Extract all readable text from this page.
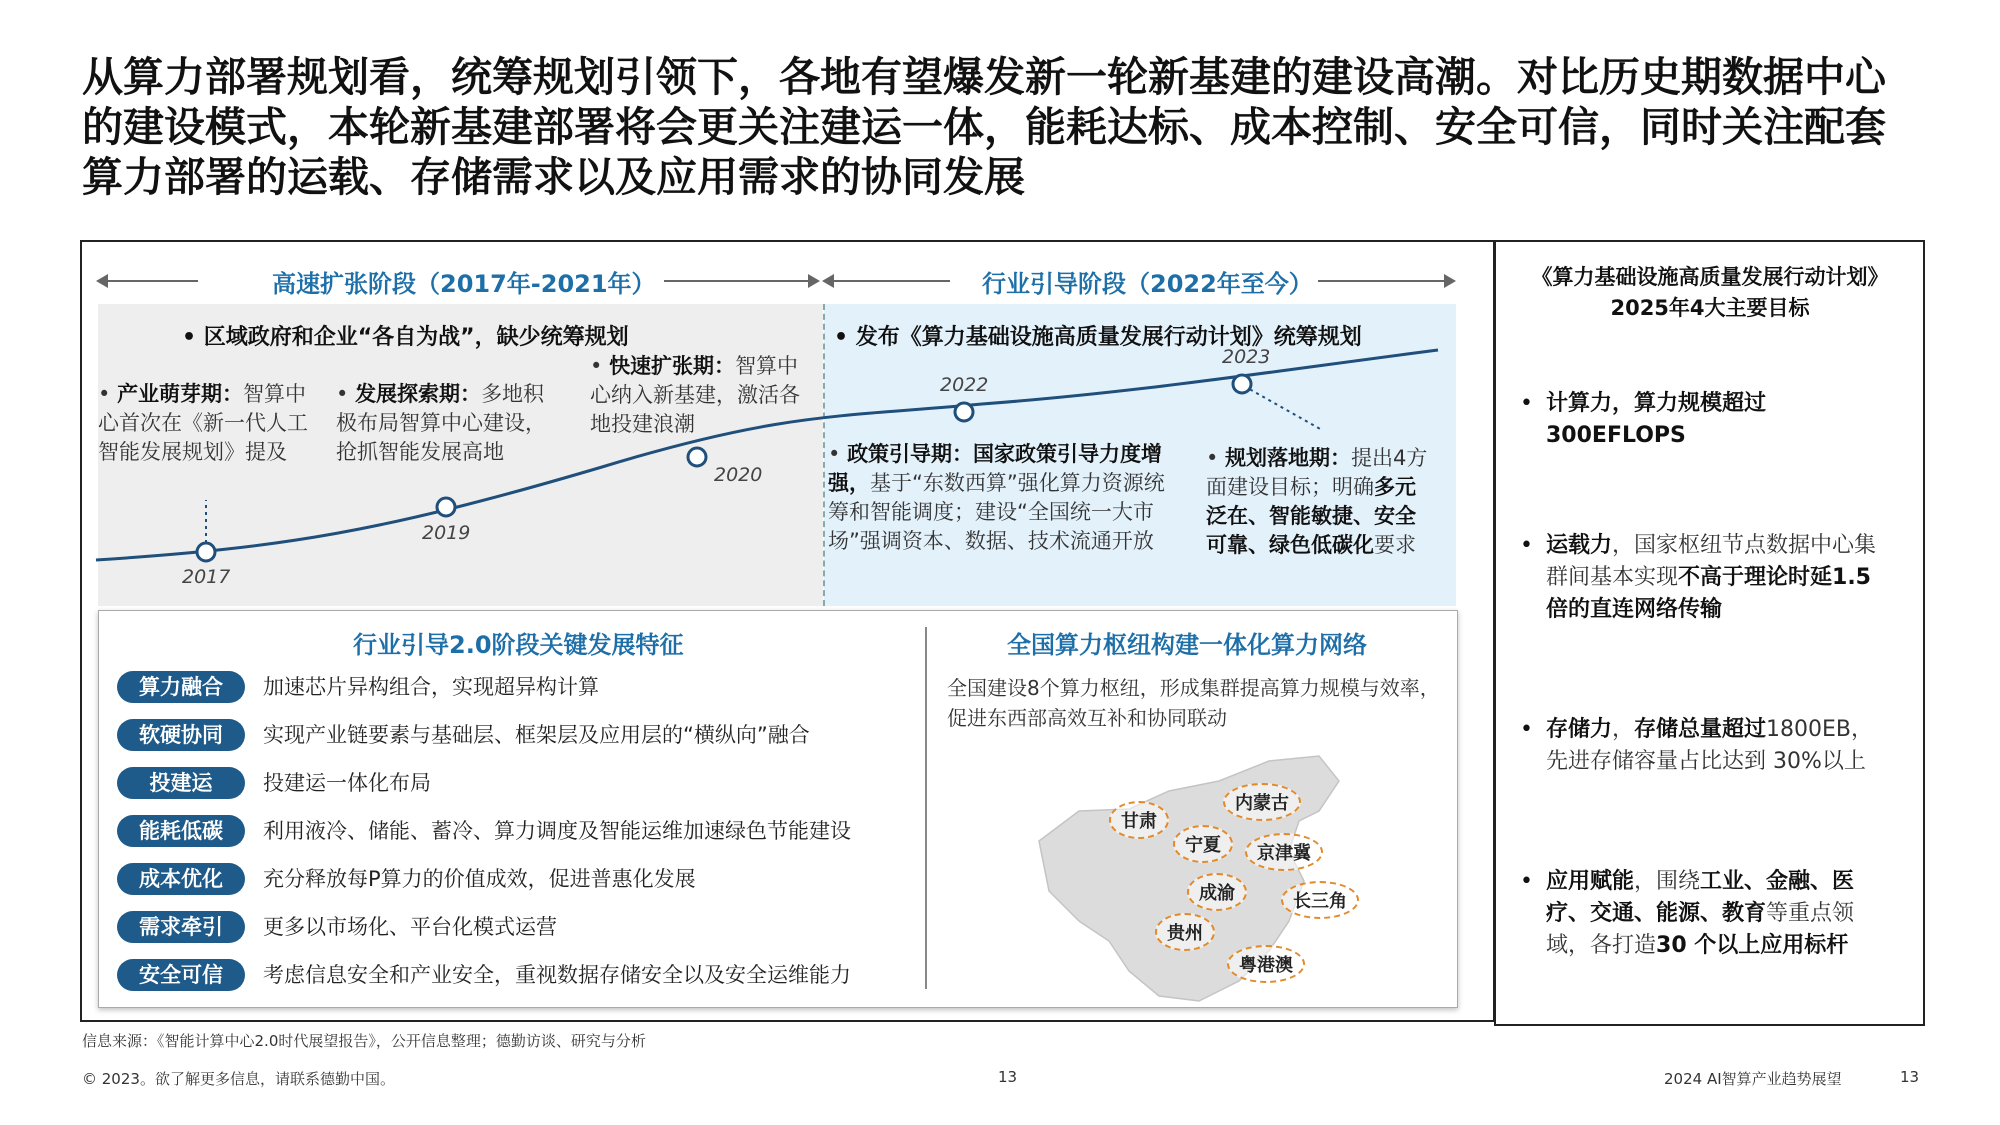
从算力部署规划看，统筹规划引领下，各地有望爆发新一轮新基建的建设高潮。对比历史期数据中心的建设模式，本轮新基建部署将会更关注建运一体，能耗达标、成本控制、安全可信，同时关注配套算力部署的运载、存储需求以及应用需求的协同发展
高速扩张阶段（2017年-2021年）	行业引导阶段（2022年至今）
• 区域政府和企业“各自为战”，缺少统筹规划	• 发布《算力基础设施高质量发展行动计划》统筹规划
2017
2019
2020
2022
2023
• 产业萌芽期：智算中心首次在《新一代人工智能发展规划》提及
• 发展探索期：多地积极布局智算中心建设，抢抓智能发展高地
• 快速扩张期：智算中心纳入新基建，激活各地投建浪潮
• 政策引导期：国家政策引导力度增强，基于“东数西算”强化算力资源统筹和智能调度；建设“全国统一大市场”强调资本、数据、技术流通开放
• 规划落地期：提出4方面建设目标；明确多元泛在、智能敏捷、安全可靠、绿色低碳化要求
行业引导2.0阶段关键发展特征
算力融合	加速芯片异构组合，实现超异构计算
软硬协同	实现产业链要素与基础层、框架层及应用层的“横纵向”融合
投建运	投建运一体化布局
能耗低碳	利用液冷、储能、蓄冷、算力调度及智能运维加速绿色节能建设
成本优化	充分释放每P算力的价值成效，促进普惠化发展
需求牵引	更多以市场化、平台化模式运营
安全可信	考虑信息安全和产业安全，重视数据存储安全以及安全运维能力
全国算力枢纽构建一体化算力网络
全国建设8个算力枢纽，形成集群提高算力规模与效率，促进东西部高效互补和协同联动
甘肃
内蒙古
宁夏	京津冀
成渝	长三角
贵州
粤港澳
《算力基础设施高质量发展行动计划》2025年4大主要目标
• 计算力，算力规模超过300EFLOPS
• 运载力，国家枢纽节点数据中心集群间基本实现不高于理论时延1.5倍的直连网络传输
• 存储力，存储总量超过1800EB，先进存储容量占比达到 30%以上
• 应用赋能，围绕工业、金融、医疗、交通、能源、教育等重点领域，各打造30 个以上应用标杆
信息来源：《智能计算中心2.0时代展望报告》，公开信息整理；德勤访谈、研究与分析
© 2023。欲了解更多信息，请联系德勤中国。	13	2024 AI智算产业趋势展望	13
